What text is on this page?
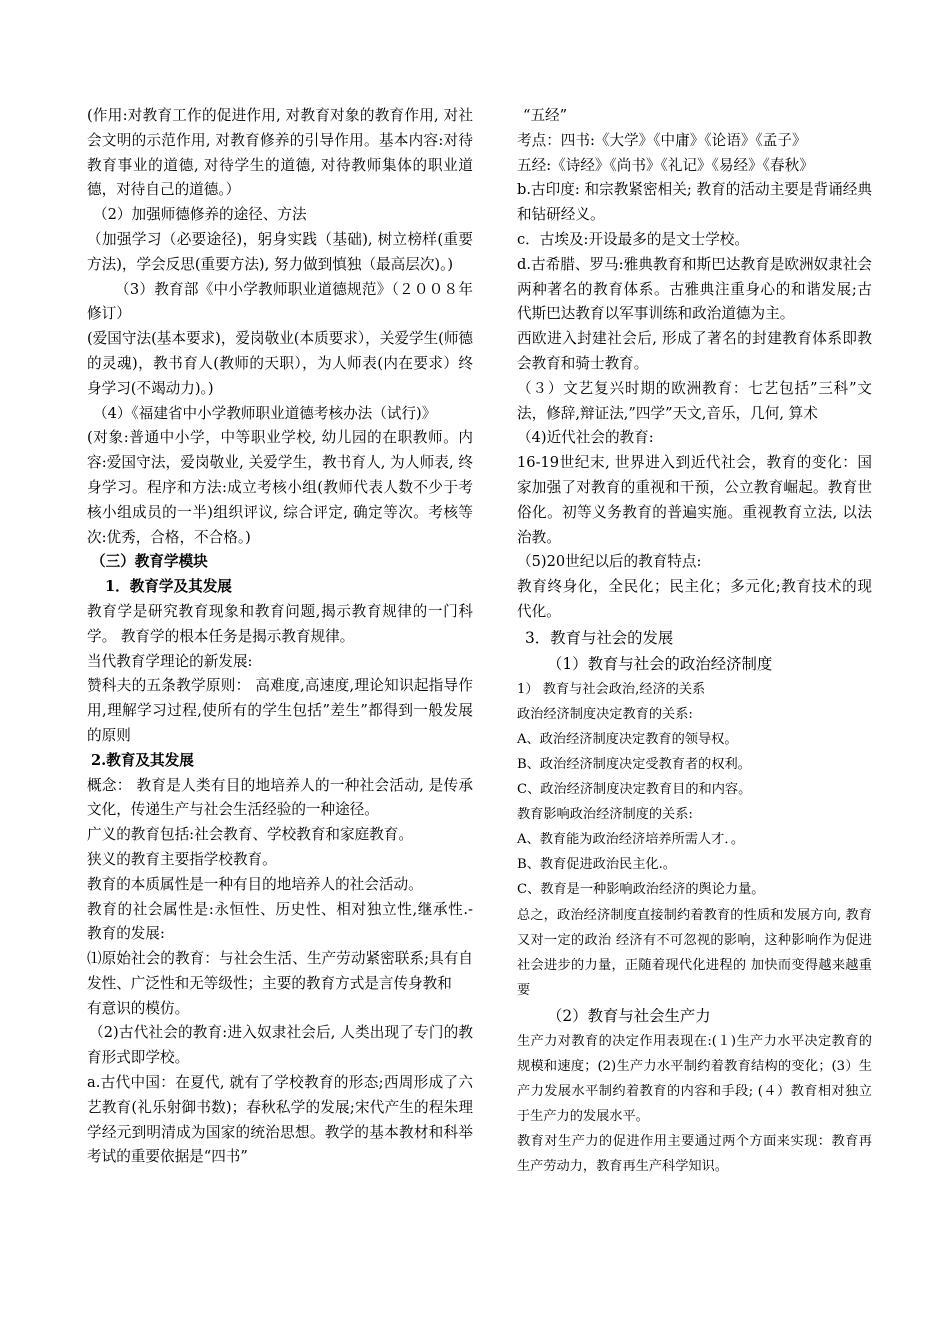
(作用:对教育工作的促进作用, 对教育对象的教育作用, 对社会文明的示范作用, 对教育修养的引导作用。基本内容:对待教育事业的道德, 对待学生的道德, 对待教师集体的职业道德，对待自己的道德。）

（2）加强师德修养的途径、方法

（加强学习（必要途径)，躬身实践（基础), 树立榜样(重要方法)，学会反思(重要方法), 努力做到慎独（最高层次)。)

（3）教育部《中小学教师职业道德规范》（２００８年修订）

(爱国守法(基本要求)，爱岗敬业(本质要求），关爱学生(师德的灵魂)，教书育人(教师的天职），为人师表(内在要求）终身学习(不竭动力)。)

（4）《福建省中小学教师职业道德考核办法（试行)》

(对象:普通中小学，中等职业学校, 幼儿园的在职教师。内容:爱国守法，爱岗敬业, 关爱学生，教书育人, 为人师表, 终身学习。程序和方法:成立考核小组(教师代表人数不少于考核小组成员的一半)组织评议, 综合评定, 确定等次。考核等次:优秀，合格，不合格。)

（三）教育学模块

1．教育学及其发展

教育学是研究教育现象和教育问题,揭示教育规律的一门科学。 教育学的根本任务是揭示教育规律。

当代教育学理论的新发展:

赞科夫的五条教学原则： 高难度,高速度,理论知识起指导作用,理解学习过程,使所有的学生包括”差生”都得到一般发展的原则

2.教育及其发展

概念： 教育是人类有目的地培养人的一种社会活动, 是传承文化，传递生产与社会生活经验的一种途径。

广义的教育包括:社会教育、学校教育和家庭教育。

狭义的教育主要指学校教育。

教育的本质属性是一种有目的地培养人的社会活动。

教育的社会属性是:永恒性、历史性、相对独立性,继承性.- 教育的发展:

⑴原始社会的教育：与社会生活、生产劳动紧密联系;具有自发性、广泛性和无等级性；主要的教育方式是言传身教和

有意识的模仿。

（2)古代社会的教育:进入奴隶社会后, 人类出现了专门的教育形式即学校。

a.古代中国：在夏代, 就有了学校教育的形态;西周形成了六艺教育(礼乐射御书数)；春秋私学的发展;宋代产生的程朱理学经元到明清成为国家的统治思想。教学的基本教材和科举考试的重要依据是“四书”

“五经”

考点：四书:《大学》《中庸》《论语》《孟子》

五经:《诗经》《尚书》《礼记》《易经》《春秋》

b.古印度: 和宗教紧密相关; 教育的活动主要是背诵经典和钻研经义。

c．古埃及:开设最多的是文士学校。

d.古希腊、罗马:雅典教育和斯巴达教育是欧洲奴隶社会两种著名的教育体系。古雅典注重身心的和谐发展;古代斯巴达教育以军事训练和政治道德为主。

西欧进入封建社会后, 形成了著名的封建教育体系即教会教育和骑士教育。

（３）文艺复兴时期的欧洲教育：七艺包括”三科”文法，修辞,辩证法,”四学”天文,音乐，几何, 算术

（4)近代社会的教育:

16-19世纪末, 世界进入到近代社会，教育的变化：国家加强了对教育的重视和干预，公立教育崛起。教育世俗化。初等义务教育的普遍实施。重视教育立法, 以法治教。

（5)20世纪以后的教育特点:

教育终身化，全民化；民主化；多元化;教育技术的现代化。

3．教育与社会的发展

（1）教育与社会的政治经济制度

1） 教育与社会政治,经济的关系

政治经济制度决定教育的关系:

A、政治经济制度决定教育的领导权。

B、政治经济制度决定受教育者的权利。

C、政治经济制度决定教育目的和内容。

教育影响政治经济制度的关系:

A、教育能为政治经济培养所需人才．。

B、教育促进政治民主化.。

C、教育是一种影响政治经济的舆论力量。

总之，政治经济制度直接制约着教育的性质和发展方向, 教育又对一定的政治 经济有不可忽视的影响，这种影响作为促进社会进步的力量，正随着现代化进程的 加快而变得越来越重要

（2）教育与社会生产力

生产力对教育的决定作用表现在:(１)生产力水平决定教育的规模和速度；(2)生产力水平制约着教育结构的变化；(3）生产力发展水平制约着教育的内容和手段; (４）教育相对独立于生产力的发展水平。

教育对生产力的促进作用主要通过两个方面来实现：教育再生产劳动力，教育再生产科学知识。
